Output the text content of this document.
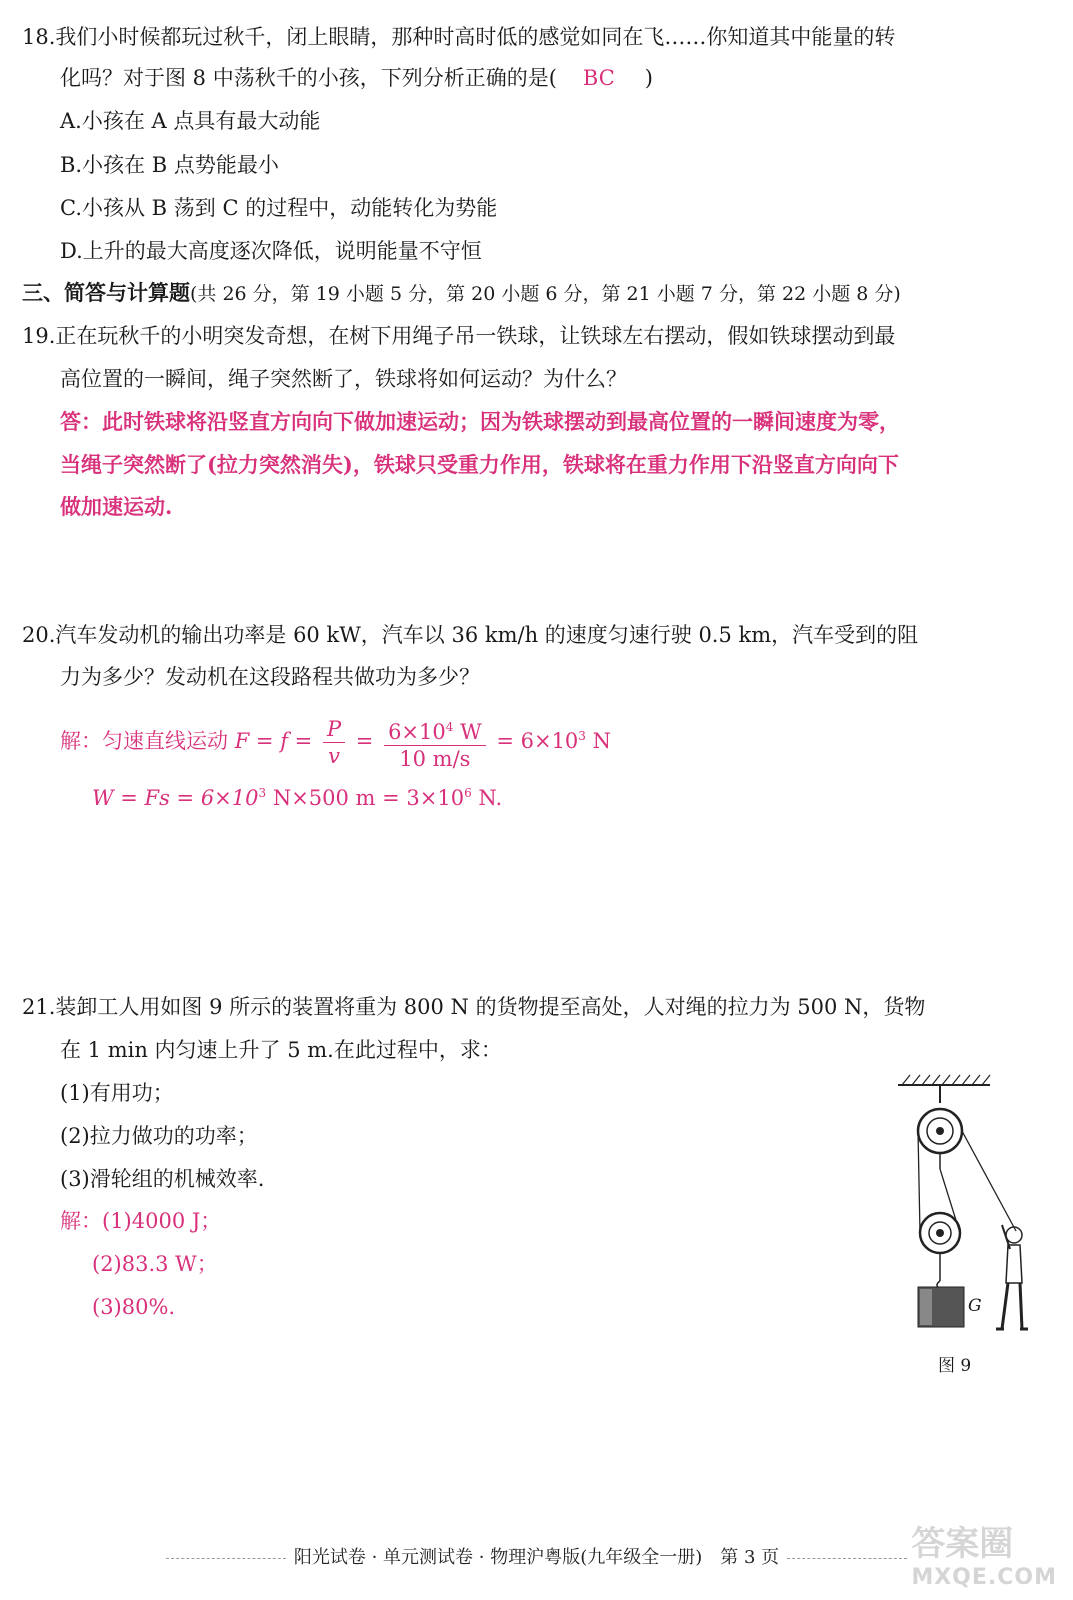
18.我们小时候都玩过秋千，闭上眼睛，那种时高时低的感觉如同在飞……你知道其中能量的转
化吗？对于图 8 中荡秋千的小孩，下列分析正确的是( BC )
A.小孩在 A 点具有最大动能
B.小孩在 B 点势能最小
C.小孩从 B 荡到 C 的过程中，动能转化为势能
D.上升的最大高度逐次降低，说明能量不守恒
三、简答与计算题(共 26 分，第 19 小题 5 分，第 20 小题 6 分，第 21 小题 7 分，第 22 小题 8 分)
19.正在玩秋千的小明突发奇想，在树下用绳子吊一铁球，让铁球左右摆动，假如铁球摆动到最
高位置的一瞬间，绳子突然断了，铁球将如何运动？为什么？
答：此时铁球将沿竖直方向向下做加速运动；因为铁球摆动到最高位置的一瞬间速度为零，
当绳子突然断了(拉力突然消失)，铁球只受重力作用，铁球将在重力作用下沿竖直方向向下
做加速运动.
20.汽车发动机的输出功率是 60 kW，汽车以 36 km/h 的速度匀速行驶 0.5 km，汽车受到的阻
力为多少？发动机在这段路程共做功为多少？
解：匀速直线运动 $F = f = \frac{P}{v} = \frac{6\times 10^4 W}{10 m/s} = 6\times 10^3$ N
$W = Fs = 6\times 10^3$ N×500 $m = 3\times 10^6$ N.
21.装卸工人用如图 9 所示的装置将重为 800 N 的货物提至高处，人对绳的拉力为 500 N，货物
在 1 min 内匀速上升了 5 m.在此过程中，求：
(1)有用功；
(2)拉力做功的功率；
(3)滑轮组的机械效率.
解：(1)4000 J；
(2)83.3 W；
(3)80%.	G
图 9
阳光试卷 · 单元测试卷 · 物理沪粤版(九年级全一册)　第 3 页	答案圈
MXQE.COM
